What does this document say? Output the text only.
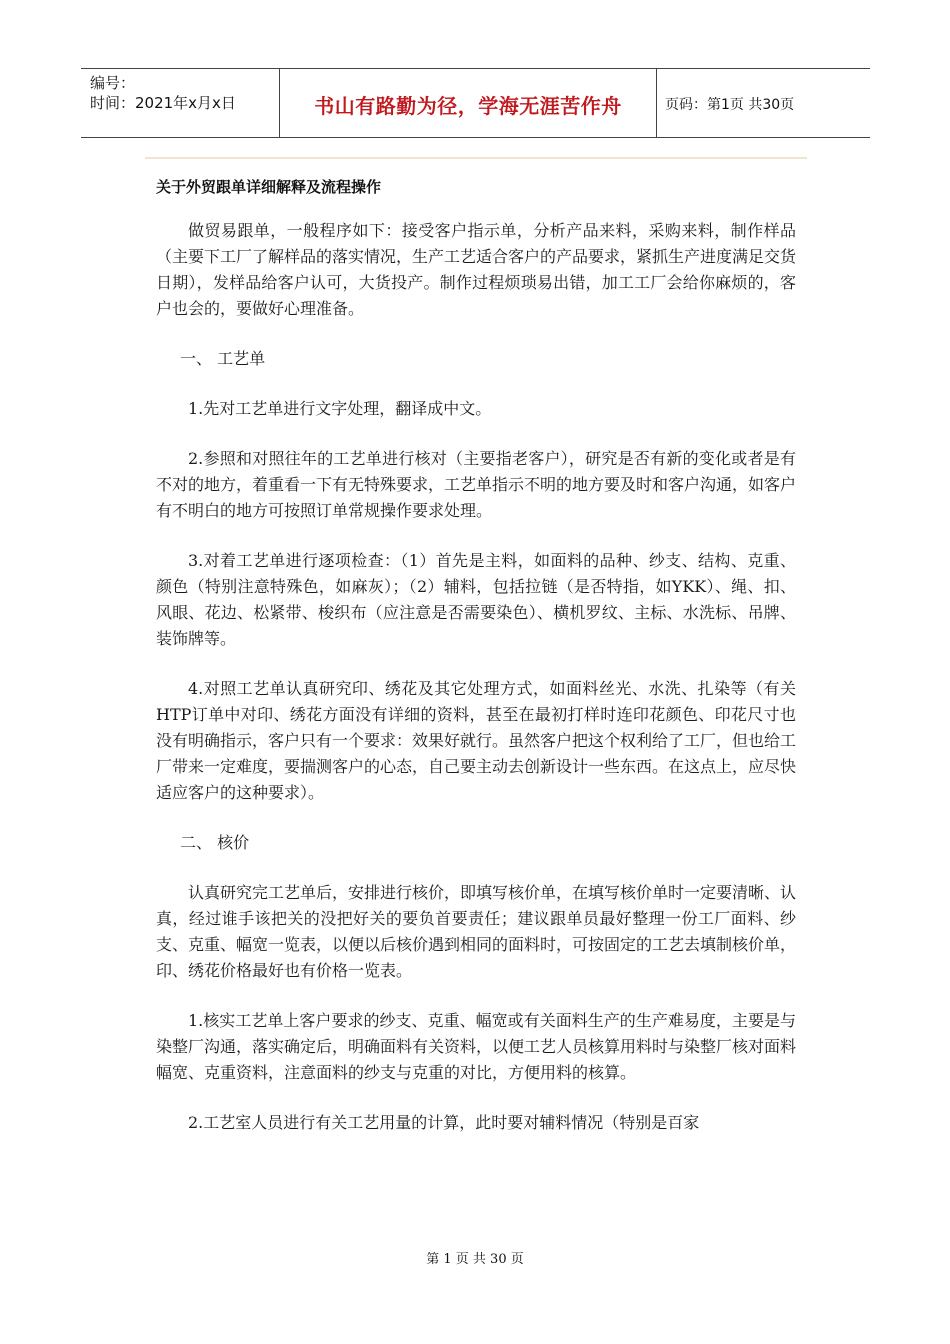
编号：
时间：2021年x月x日	书山有路勤为径，学海无涯苦作舟	页码：第1页 共30页
关于外贸跟单详细解释及流程操作

做贸易跟单，一般程序如下：接受客户指示单，分析产品来料，采购来料，制作样品（主要下工厂了解样品的落实情况，生产工艺适合客户的产品要求，紧抓生产进度满足交货日期），发样品给客户认可，大货投产。制作过程烦琐易出错，加工工厂会给你麻烦的，客户也会的，要做好心理准备。

一、 工艺单

1.先对工艺单进行文字处理，翻译成中文。

2.参照和对照往年的工艺单进行核对（主要指老客户），研究是否有新的变化或者是有不对的地方，着重看一下有无特殊要求，工艺单指示不明的地方要及时和客户沟通，如客户有不明白的地方可按照订单常规操作要求处理。

3.对着工艺单进行逐项检查：（1）首先是主料，如面料的品种、纱支、结构、克重、颜色（特别注意特殊色，如麻灰）；（2）辅料，包括拉链（是否特指，如YKK）、绳、扣、风眼、花边、松紧带、梭织布（应注意是否需要染色）、横机罗纹、主标、水洗标、吊牌、装饰牌等。

4.对照工艺单认真研究印、绣花及其它处理方式，如面料丝光、水洗、扎染等（有关HTP订单中对印、绣花方面没有详细的资料，甚至在最初打样时连印花颜色、印花尺寸也没有明确指示，客户只有一个要求：效果好就行。虽然客户把这个权利给了工厂，但也给工厂带来一定难度，要揣测客户的心态，自己要主动去创新设计一些东西。在这点上，应尽快适应客户的这种要求）。

二、 核价

认真研究完工艺单后，安排进行核价，即填写核价单，在填写核价单时一定要清晰、认真，经过谁手该把关的没把好关的要负首要责任；建议跟单员最好整理一份工厂面料、纱支、克重、幅宽一览表，以便以后核价遇到相同的面料时，可按固定的工艺去填制核价单，印、绣花价格最好也有价格一览表。

1.核实工艺单上客户要求的纱支、克重、幅宽或有关面料生产的生产难易度，主要是与染整厂沟通，落实确定后，明确面料有关资料，以便工艺人员核算用料时与染整厂核对面料幅宽、克重资料，注意面料的纱支与克重的对比，方便用料的核算。

2.工艺室人员进行有关工艺用量的计算，此时要对辅料情况（特别是百家

第 1 页 共 30 页
